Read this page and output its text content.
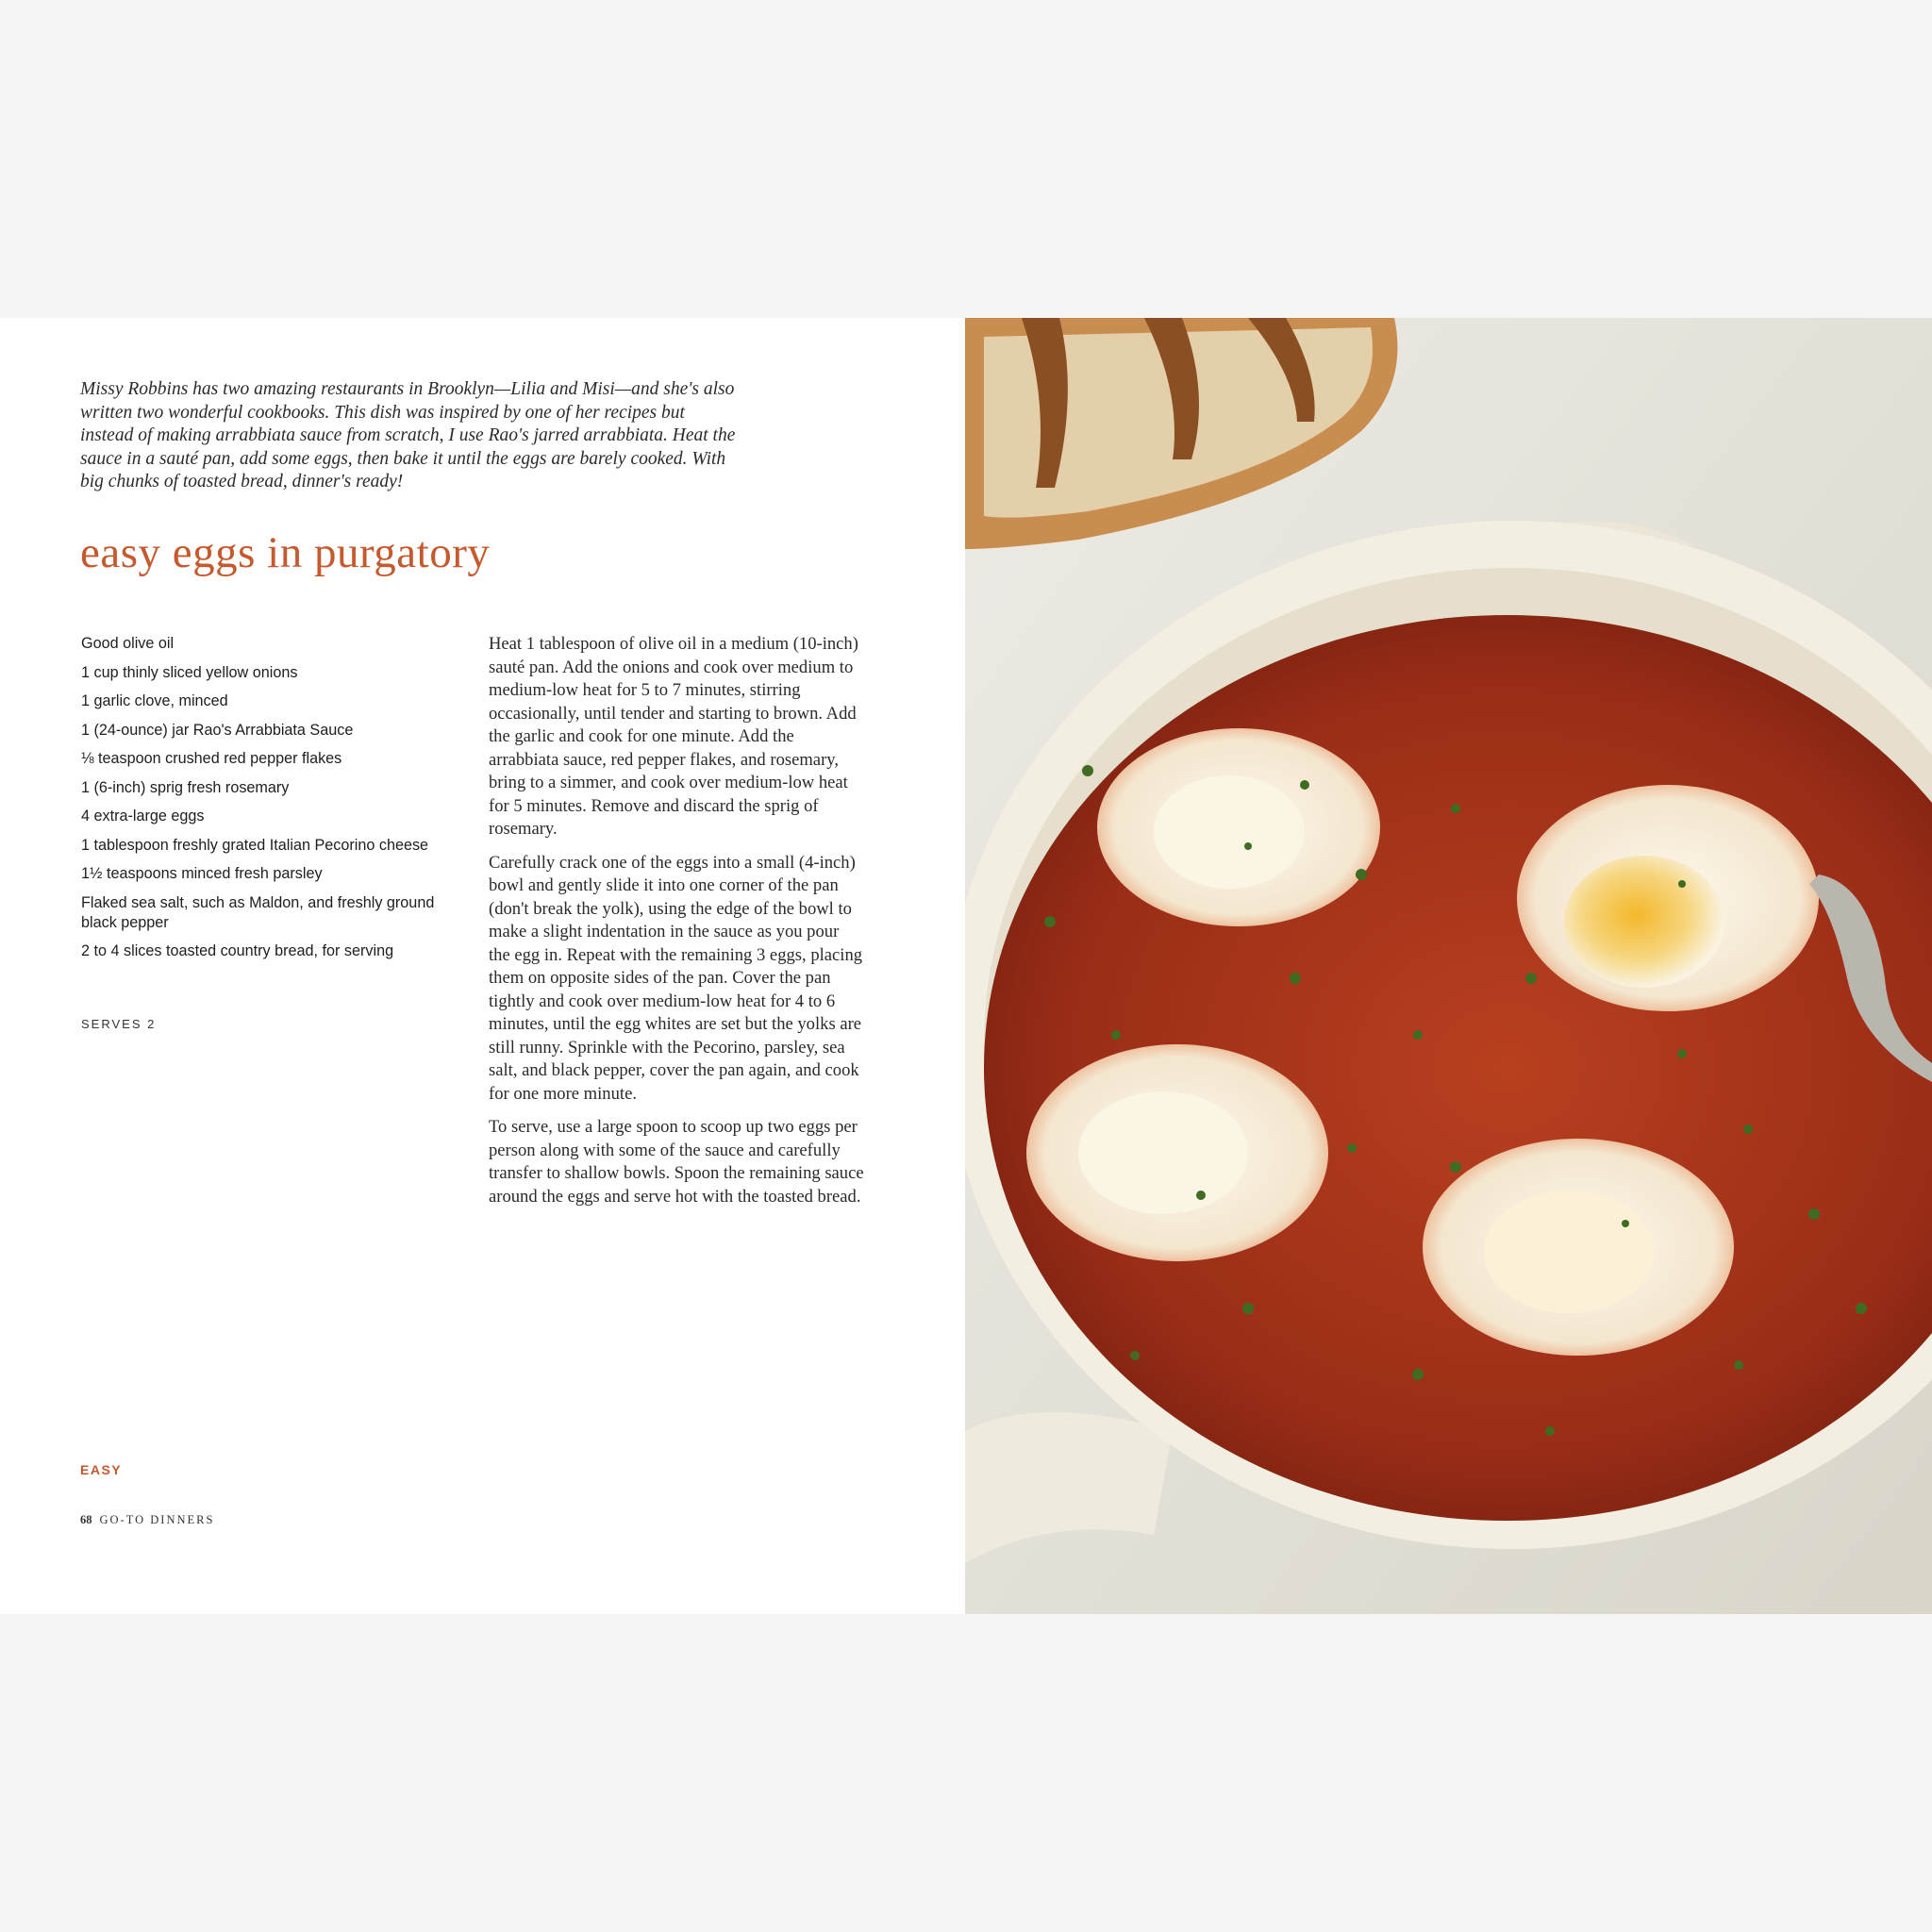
Missy Robbins has two amazing restaurants in Brooklyn—Lilia and Misi—and she's also written two wonderful cookbooks. This dish was inspired by one of her recipes but instead of making arrabbiata sauce from scratch, I use Rao's jarred arrabbiata. Heat the sauce in a sauté pan, add some eggs, then bake it until the eggs are barely cooked. With big chunks of toasted bread, dinner's ready!

easy eggs in purgatory
Good olive oil
1 cup thinly sliced yellow onions
1 garlic clove, minced
1 (24-ounce) jar Rao's Arrabbiata Sauce
⅛ teaspoon crushed red pepper flakes
1 (6-inch) sprig fresh rosemary
4 extra-large eggs
1 tablespoon freshly grated Italian Pecorino cheese
1½ teaspoons minced fresh parsley
Flaked sea salt, such as Maldon, and freshly ground black pepper
2 to 4 slices toasted country bread, for serving

SERVES 2

Heat 1 tablespoon of olive oil in a medium (10-inch) sauté pan. Add the onions and cook over medium to medium-low heat for 5 to 7 minutes, stirring occasionally, until tender and starting to brown. Add the garlic and cook for one minute. Add the arrabbiata sauce, red pepper flakes, and rosemary, bring to a simmer, and cook over medium-low heat for 5 minutes. Remove and discard the sprig of rosemary.

Carefully crack one of the eggs into a small (4-inch) bowl and gently slide it into one corner of the pan (don't break the yolk), using the edge of the bowl to make a slight indentation in the sauce as you pour the egg in. Repeat with the remaining 3 eggs, placing them on opposite sides of the pan. Cover the pan tightly and cook over medium-low heat for 4 to 6 minutes, until the egg whites are set but the yolks are still runny. Sprinkle with the Pecorino, parsley, sea salt, and black pepper, cover the pan again, and cook for one more minute.

To serve, use a large spoon to scoop up two eggs per person along with some of the sauce and carefully transfer to shallow bowls. Spoon the remaining sauce around the eggs and serve hot with the toasted bread.

EASY

68 GO-TO DINNERS
